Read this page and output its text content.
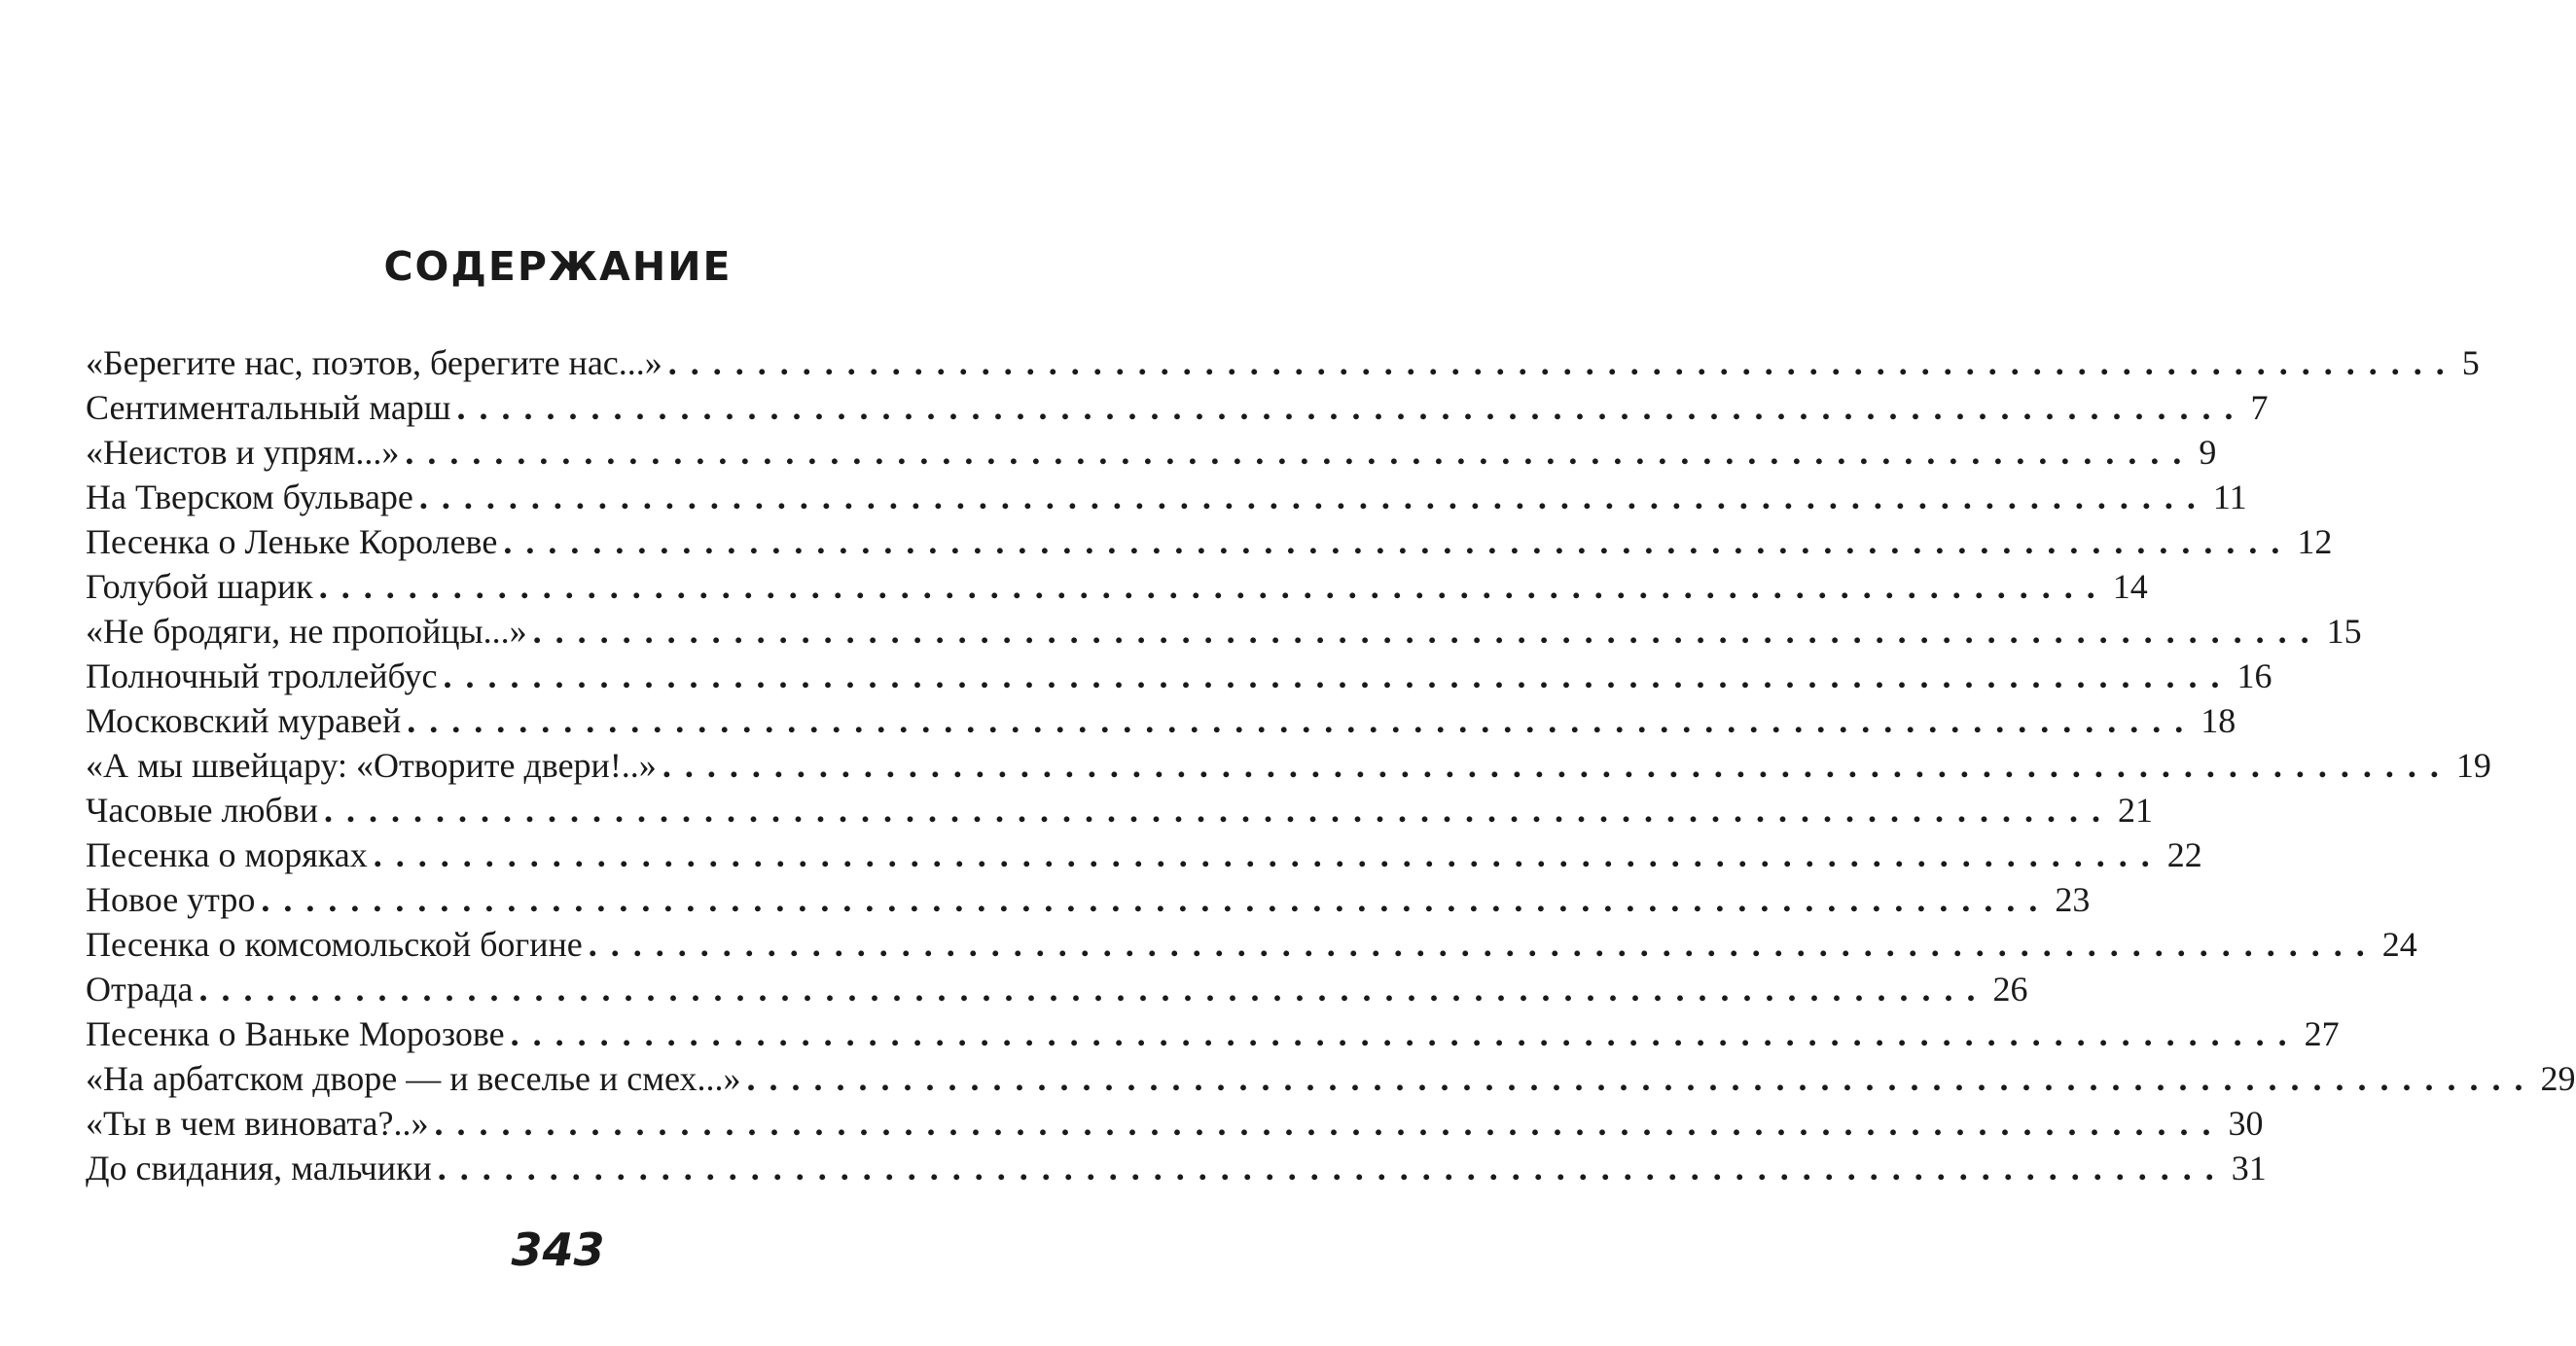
СОДЕРЖАНИЕ
«Берегите нас, поэтов, берегите нас...» ................................................................................ 5
Сентиментальный марш ................................................................................ 7
«Неистов и упрям...» ................................................................................ 9
На Тверском бульваре ................................................................................ 11
Песенка о Леньке Королеве ................................................................................ 12
Голубой шарик ................................................................................ 14
«Не бродяги, не пропойцы...» ................................................................................ 15
Полночный троллейбус ................................................................................ 16
Московский муравей ................................................................................ 18
«А мы швейцару: «Отворите двери!..» ................................................................................ 19
Часовые любви ................................................................................ 21
Песенка о моряках ................................................................................ 22
Новое утро ................................................................................ 23
Песенка о комсомольской богине ................................................................................ 24
Отрада ................................................................................ 26
Песенка о Ваньке Морозове ................................................................................ 27
«На арбатском дворе — и веселье и смех...» ................................................................................ 29
«Ты в чем виновата?..» ................................................................................ 30
До свидания, мальчики ................................................................................ 31
343
